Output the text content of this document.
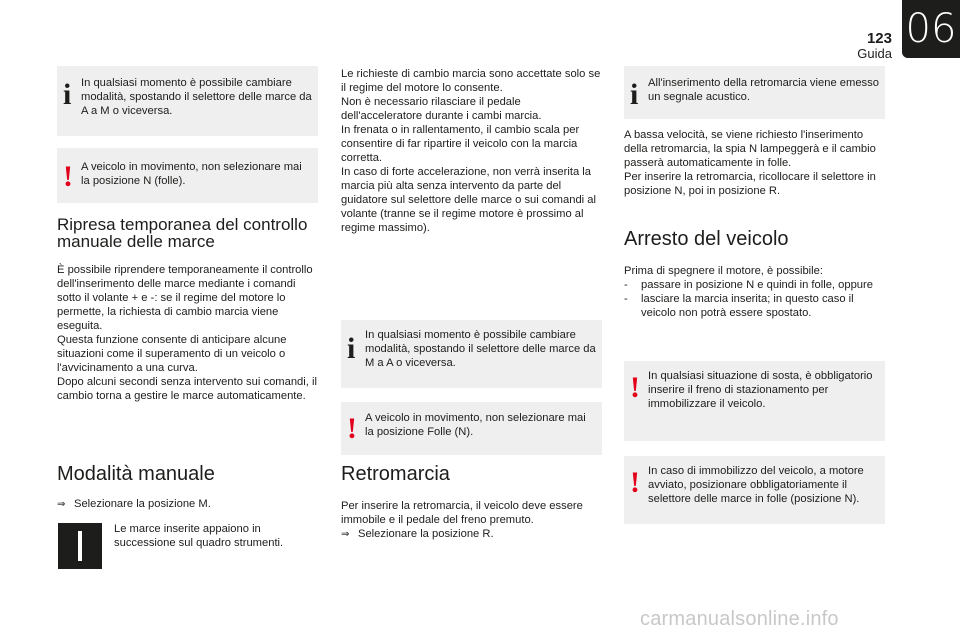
123
Guida
06
i In qualsiasi momento è possibile cambiare modalità, spostando il selettore delle marce da A a M o viceversa.
! A veicolo in movimento, non selezionare mai la posizione N (folle).
Ripresa temporanea del controllo manuale delle marce
È possibile riprendere temporaneamente il controllo dell'inserimento delle marce mediante i comandi sotto il volante + e -: se il regime del motore lo permette, la richiesta di cambio marcia viene eseguita.
Questa funzione consente di anticipare alcune situazioni come il superamento di un veicolo o l'avvicinamento a una curva.
Dopo alcuni secondi senza intervento sui comandi, il cambio torna a gestire le marce automaticamente.
Modalità manuale
⇒ Selezionare la posizione M.
Le marce inserite appaiono in successione sul quadro strumenti.
Le richieste di cambio marcia sono accettate solo se il regime del motore lo consente.
Non è necessario rilasciare il pedale dell'acceleratore durante i cambi marcia.
In frenata o in rallentamento, il cambio scala per consentire di far ripartire il veicolo con la marcia corretta.
In caso di forte accelerazione, non verrà inserita la marcia più alta senza intervento da parte del guidatore sul selettore delle marce o sui comandi al volante (tranne se il regime motore è prossimo al regime massimo).
i In qualsiasi momento è possibile cambiare modalità, spostando il selettore delle marce da M a A o viceversa.
! A veicolo in movimento, non selezionare mai la posizione Folle (N).
Retromarcia
Per inserire la retromarcia, il veicolo deve essere immobile e il pedale del freno premuto.
⇒ Selezionare la posizione R.
i All'inserimento della retromarcia viene emesso un segnale acustico.
A bassa velocità, se viene richiesto l'inserimento della retromarcia, la spia N lampeggerà e il cambio passerà automaticamente in folle.
Per inserire la retromarcia, ricollocare il selettore in posizione N, poi in posizione R.
Arresto del veicolo
Prima di spegnere il motore, è possibile:
- passare in posizione N e quindi in folle, oppure
- lasciare la marcia inserita; in questo caso il veicolo non potrà essere spostato.
! In qualsiasi situazione di sosta, è obbligatorio inserire il freno di stazionamento per immobilizzare il veicolo.
! In caso di immobilizzo del veicolo, a motore avviato, posizionare obbligatoriamente il selettore delle marce in folle (posizione N).
carmanualsonline.info
